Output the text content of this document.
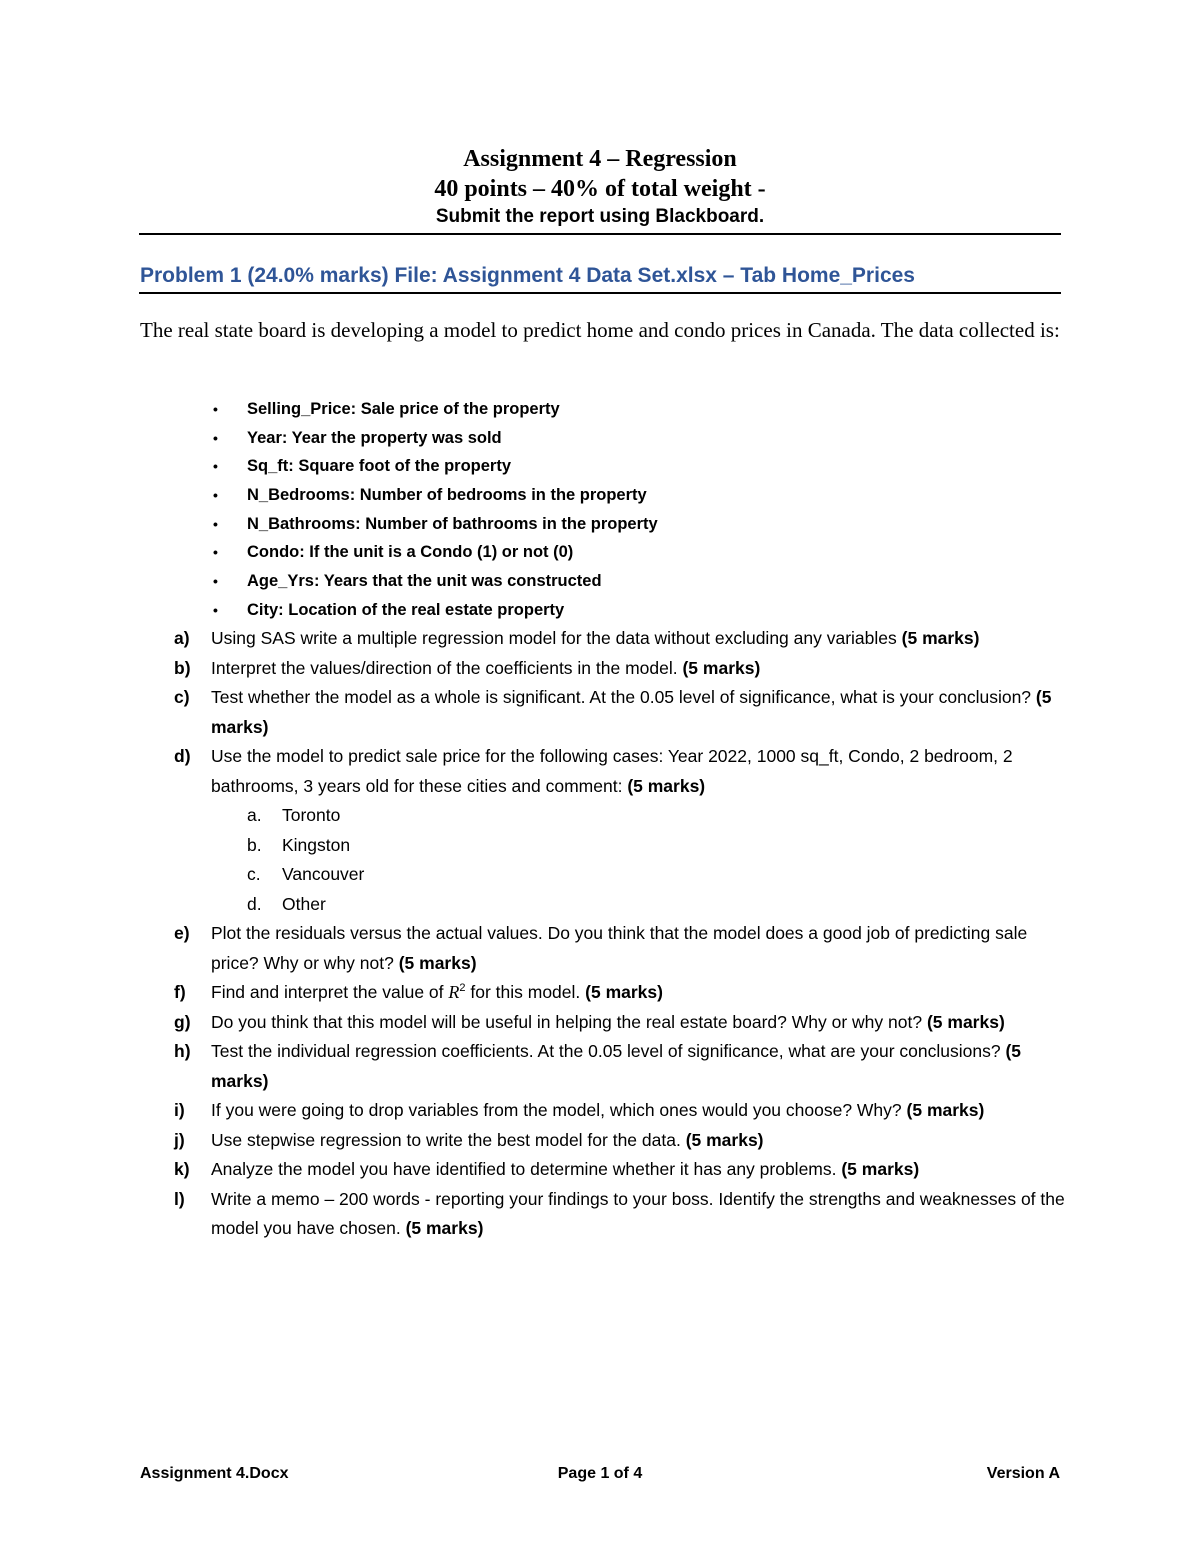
Assignment 4 – Regression
40 points – 40% of total weight -
Submit the report using Blackboard.
Problem 1 (24.0% marks) File: Assignment 4 Data Set.xlsx – Tab Home_Prices
The real state board is developing a model to predict home and condo prices in Canada. The data collected is:
• Selling_Price: Sale price of the property
• Year: Year the property was sold
• Sq_ft: Square foot of the property
• N_Bedrooms: Number of bedrooms in the property
• N_Bathrooms: Number of bathrooms in the property
• Condo: If the unit is a Condo (1) or not (0)
• Age_Yrs: Years that the unit was constructed
• City: Location of the real estate property
a) Using SAS write a multiple regression model for the data without excluding any variables (5 marks)
b) Interpret the values/direction of the coefficients in the model. (5 marks)
c) Test whether the model as a whole is significant. At the 0.05 level of significance, what is your conclusion? (5 marks)
d) Use the model to predict sale price for the following cases: Year 2022, 1000 sq_ft, Condo, 2 bedroom, 2 bathrooms, 3 years old for these cities and comment: (5 marks)
a. Toronto
b. Kingston
c. Vancouver
d. Other
e) Plot the residuals versus the actual values. Do you think that the model does a good job of predicting sale price? Why or why not? (5 marks)
f) Find and interpret the value of $R^2$ for this model. (5 marks)
g) Do you think that this model will be useful in helping the real estate board? Why or why not? (5 marks)
h) Test the individual regression coefficients. At the 0.05 level of significance, what are your conclusions? (5 marks)
i) If you were going to drop variables from the model, which ones would you choose? Why? (5 marks)
j) Use stepwise regression to write the best model for the data. (5 marks)
k) Analyze the model you have identified to determine whether it has any problems. (5 marks)
l) Write a memo – 200 words - reporting your findings to your boss. Identify the strengths and weaknesses of the model you have chosen. (5 marks)
Assignment 4.Docx	Page 1 of 4	Version A
